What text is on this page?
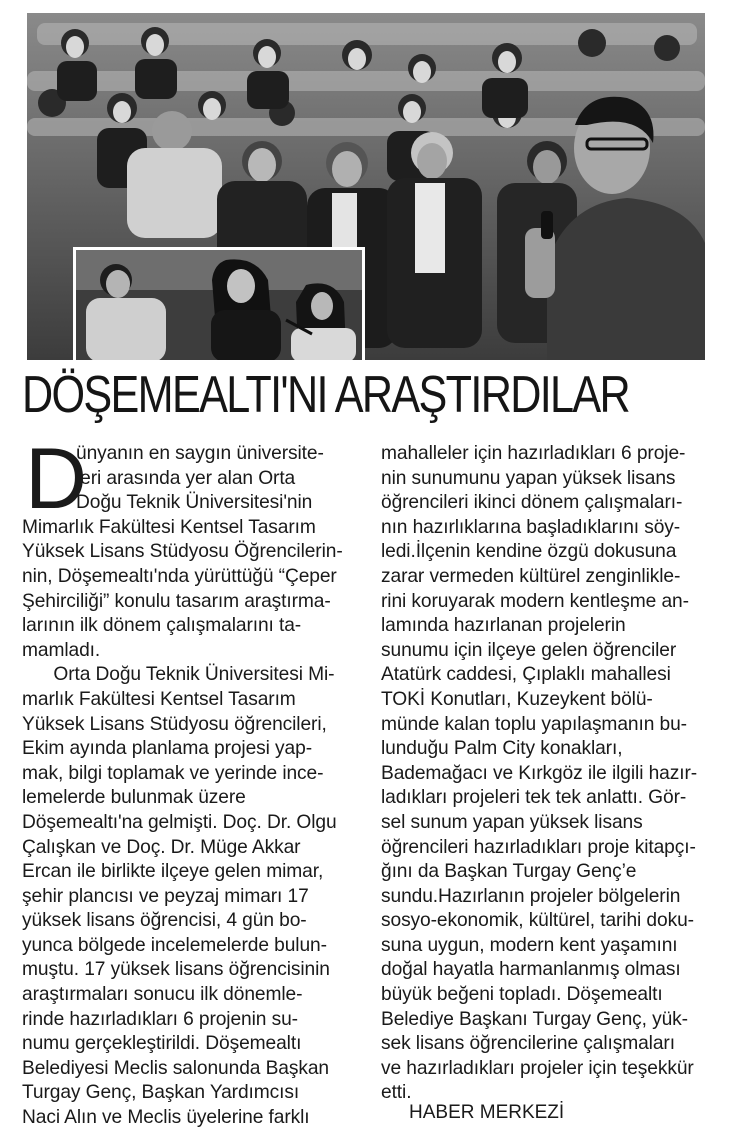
DÖŞEMEALTI'NI ARAŞTIRDILAR
D
ünyanın en saygın üniversite-
leri arasında yer alan Orta
Doğu Teknik Üniversitesi'nin
Mimarlık Fakültesi Kentsel Tasarım
Yüksek Lisans Stüdyosu Öğrencilerin-
nin, Döşemealtı'nda yürüttüğü “Çeper
Şehirciliği” konulu tasarım araştırma-
larının ilk dönem çalışmalarını ta-
mamladı.
Orta Doğu Teknik Üniversitesi Mi-
marlık Fakültesi Kentsel Tasarım
Yüksek Lisans Stüdyosu öğrencileri,
Ekim ayında planlama projesi yap-
mak, bilgi toplamak ve yerinde ince-
lemelerde bulunmak üzere
Döşemealtı'na gelmişti. Doç. Dr. Olgu
Çalışkan ve Doç. Dr. Müge Akkar
Ercan ile birlikte ilçeye gelen mimar,
şehir plancısı ve peyzaj mimarı 17
yüksek lisans öğrencisi, 4 gün bo-
yunca bölgede incelemelerde bulun-
muştu. 17 yüksek lisans öğrencisinin
araştırmaları sonucu ilk dönemle-
rinde hazırladıkları 6 projenin su-
numu gerçekleştirildi. Döşemealtı
Belediyesi Meclis salonunda Başkan
Turgay Genç, Başkan Yardımcısı
Naci Alın ve Meclis üyelerine farklı
mahalleler için hazırladıkları 6 proje-
nin sunumunu yapan yüksek lisans
öğrencileri ikinci dönem çalışmaları-
nın hazırlıklarına başladıklarını söy-
ledi.İlçenin kendine özgü dokusuna
zarar vermeden kültürel zenginlikle-
rini koruyarak modern kentleşme an-
lamında hazırlanan projelerin
sunumu için ilçeye gelen öğrenciler
Atatürk caddesi, Çıplaklı mahallesi
TOKİ Konutları, Kuzeykent bölü-
münde kalan toplu yapılaşmanın bu-
lunduğu Palm City konakları,
Bademağacı ve Kırkgöz ile ilgili hazır-
ladıkları projeleri tek tek anlattı. Gör-
sel sunum yapan yüksek lisans
öğrencileri hazırladıkları proje kitapçı-
ğını da Başkan Turgay Genç’e
sundu.Hazırlanın projeler bölgelerin
sosyo-ekonomik, kültürel, tarihi doku-
suna uygun, modern kent yaşamını
doğal hayatla harmanlanmış olması
büyük beğeni topladı. Döşemealtı
Belediye Başkanı Turgay Genç, yük-
sek lisans öğrencilerine çalışmaları
ve hazırladıkları projeler için teşekkür
etti.
HABER MERKEZİ
